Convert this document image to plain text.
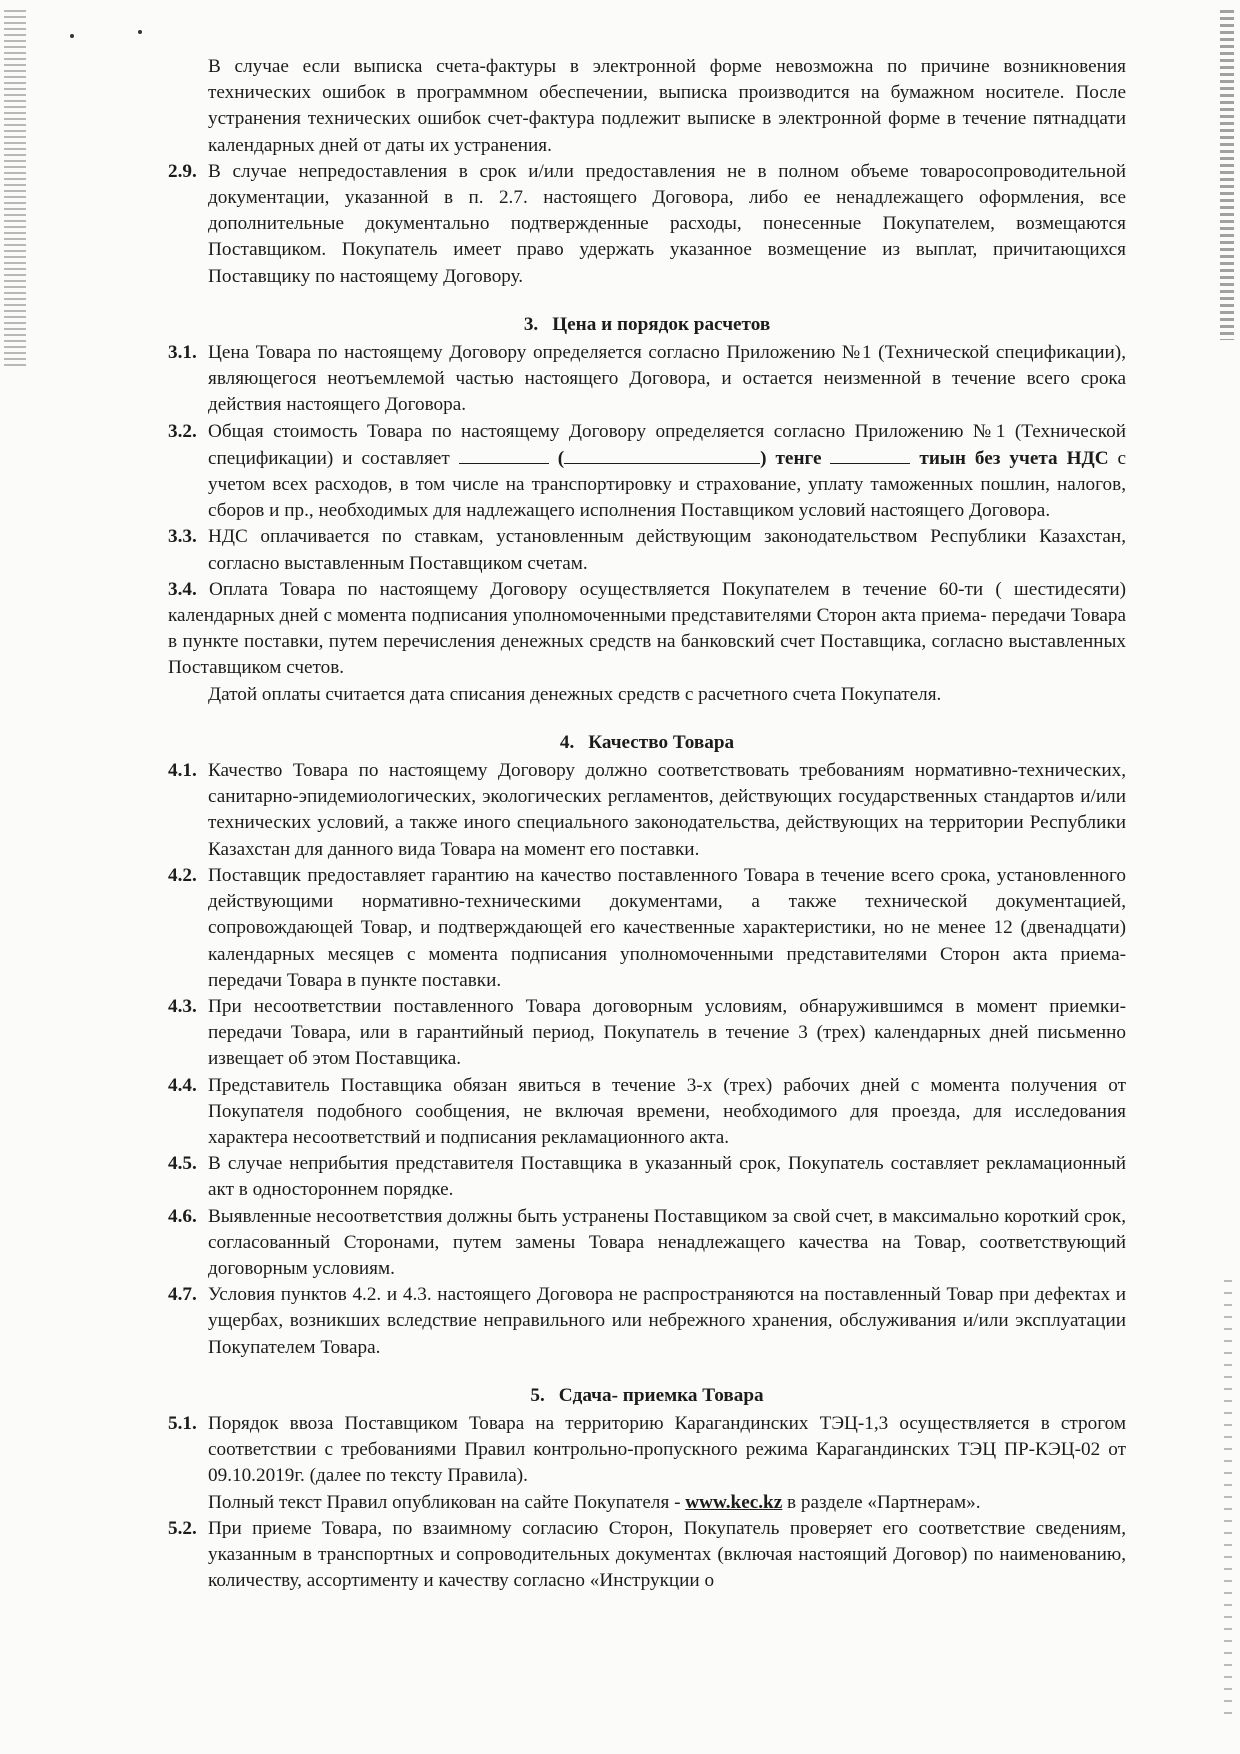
В случае если выписка счета-фактуры в электронной форме невозможна по причине возникновения технических ошибок в программном обеспечении, выписка производится на бумажном носителе. После устранения технических ошибок счет-фактура подлежит выписке в электронной форме в течение пятнадцати календарных дней от даты их устранения.

2.9. В случае непредоставления в срок и/или предоставления не в полном объеме товаросопроводительной документации, указанной в п. 2.7. настоящего Договора, либо ее ненадлежащего оформления, все дополнительные документально подтвержденные расходы, понесенные Покупателем, возмещаются Поставщиком. Покупатель имеет право удержать указанное возмещение из выплат, причитающихся Поставщику по настоящему Договору.
3. Цена и порядок расчетов
3.1. Цена Товара по настоящему Договору определяется согласно Приложению №1 (Технической спецификации), являющегося неотъемлемой частью настоящего Договора, и остается неизменной в течение всего срока действия настоящего Договора.
3.2. Общая стоимость Товара по настоящему Договору определяется согласно Приложению №1 (Технической спецификации) и составляет	(	) тенге	тиын без учета НДС с учетом всех расходов, в том числе на транспортировку и страхование, уплату таможенных пошлин, налогов, сборов и пр., необходимых для надлежащего исполнения Поставщиком условий настоящего Договора.
3.3. НДС оплачивается по ставкам, установленным действующим законодательством Республики Казахстан, согласно выставленным Поставщиком счетам.

3.4. Оплата Товара по настоящему Договору осуществляется Покупателем в течение 60-ти ( шестидесяти) календарных дней с момента подписания уполномоченными представителями Сторон акта приема- передачи Товара в пункте поставки, путем перечисления денежных средств на банковский счет Поставщика, согласно выставленных Поставщиком счетов.

Датой оплаты считается дата списания денежных средств с расчетного счета Покупателя.

4. Качество Товара
4.1. Качество Товара по настоящему Договору должно соответствовать требованиям нормативно-технических, санитарно-эпидемиологических, экологических регламентов, действующих государственных стандартов и/или технических условий, а также иного специального законодательства, действующих на территории Республики Казахстан для данного вида Товара на момент его поставки.
4.2. Поставщик предоставляет гарантию на качество поставленного Товара в течение всего срока, установленного действующими нормативно-техническими документами, а также технической документацией, сопровождающей Товар, и подтверждающей его качественные характеристики, но не менее 12 (двенадцати) календарных месяцев с момента подписания уполномоченными представителями Сторон акта приема-передачи Товара в пункте поставки.
4.3. При несоответствии поставленного Товара договорным условиям, обнаружившимся в момент приемки-передачи Товара, или в гарантийный период, Покупатель в течение 3 (трех) календарных дней письменно извещает об этом Поставщика.
4.4. Представитель Поставщика обязан явиться в течение 3-х (трех) рабочих дней с момента получения от Покупателя подобного сообщения, не включая времени, необходимого для проезда, для исследования характера несоответствий и подписания рекламационного акта.
4.5. В случае неприбытия представителя Поставщика в указанный срок, Покупатель составляет рекламационный акт в одностороннем порядке.
4.6. Выявленные несоответствия должны быть устранены Поставщиком за свой счет, в максимально короткий срок, согласованный Сторонами, путем замены Товара ненадлежащего качества на Товар, соответствующий договорным условиям.
4.7. Условия пунктов 4.2. и 4.3. настоящего Договора не распространяются на поставленный Товар при дефектах и ущербах, возникших вследствие неправильного или небрежного хранения, обслуживания и/или эксплуатации Покупателем Товара.
5. Сдача- приемка Товара
5.1. Порядок ввоза Поставщиком Товара на территорию Карагандинских ТЭЦ-1,3 осуществляется в строгом соответствии с требованиями Правил контрольно-пропускного режима Карагандинских ТЭЦ ПР-КЭЦ-02 от 09.10.2019г. (далее по тексту Правила).
Полный текст Правил опубликован на сайте Покупателя - www.kec.kz в разделе «Партнерам».
5.2. При приеме Товара, по взаимному согласию Сторон, Покупатель проверяет его соответствие сведениям, указанным в транспортных и сопроводительных документах (включая настоящий Договор) по наименованию, количеству, ассортименту и качеству согласно «Инструкции о
